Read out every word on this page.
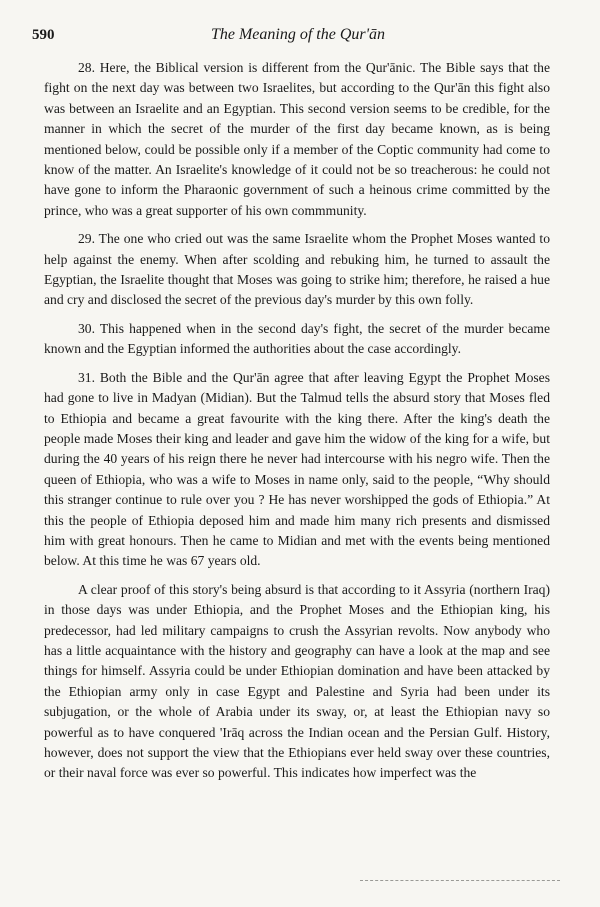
590	The Meaning of the Qur'ān

28. Here, the Biblical version is different from the Qur'ānic. The Bible says that the fight on the next day was between two Israelites, but according to the Qur'ān this fight also was between an Israelite and an Egyptian. This second version seems to be credible, for the manner in which the secret of the murder of the first day became known, as is being mentioned below, could be possible only if a member of the Coptic community had come to know of the matter. An Israelite's knowledge of it could not be so treacherous: he could not have gone to inform the Pharaonic government of such a heinous crime committed by the prince, who was a great supporter of his own commmunity.

29. The one who cried out was the same Israelite whom the Prophet Moses wanted to help against the enemy. When after scolding and rebuking him, he turned to assault the Egyptian, the Israelite thought that Moses was going to strike him; therefore, he raised a hue and cry and disclosed the secret of the previous day's murder by this own folly.

30. This happened when in the second day's fight, the secret of the murder became known and the Egyptian informed the authorities about the case accordingly.

31. Both the Bible and the Qur'ān agree that after leaving Egypt the Prophet Moses had gone to live in Madyan (Midian). But the Talmud tells the absurd story that Moses fled to Ethiopia and became a great favourite with the king there. After the king's death the people made Moses their king and leader and gave him the widow of the king for a wife, but during the 40 years of his reign there he never had intercourse with his negro wife. Then the queen of Ethiopia, who was a wife to Moses in name only, said to the people, “Why should this stranger continue to rule over you ? He has never worshipped the gods of Ethiopia.” At this the people of Ethiopia deposed him and made him many rich presents and dismissed him with great honours. Then he came to Midian and met with the events being mentioned below. At this time he was 67 years old.

A clear proof of this story's being absurd is that according to it Assyria (northern Iraq) in those days was under Ethiopia, and the Prophet Moses and the Ethiopian king, his predecessor, had led military campaigns to crush the Assyrian revolts. Now anybody who has a little acquaintance with the history and geography can have a look at the map and see things for himself. Assyria could be under Ethiopian domination and have been attacked by the Ethiopian army only in case Egypt and Palestine and Syria had been under its subjugation, or the whole of Arabia under its sway, or, at least the Ethiopian navy so powerful as to have conquered 'Irāq across the Indian ocean and the Persian Gulf. History, however, does not support the view that the Ethiopians ever held sway over these countries, or their naval force was ever so powerful. This indicates how imperfect was the
